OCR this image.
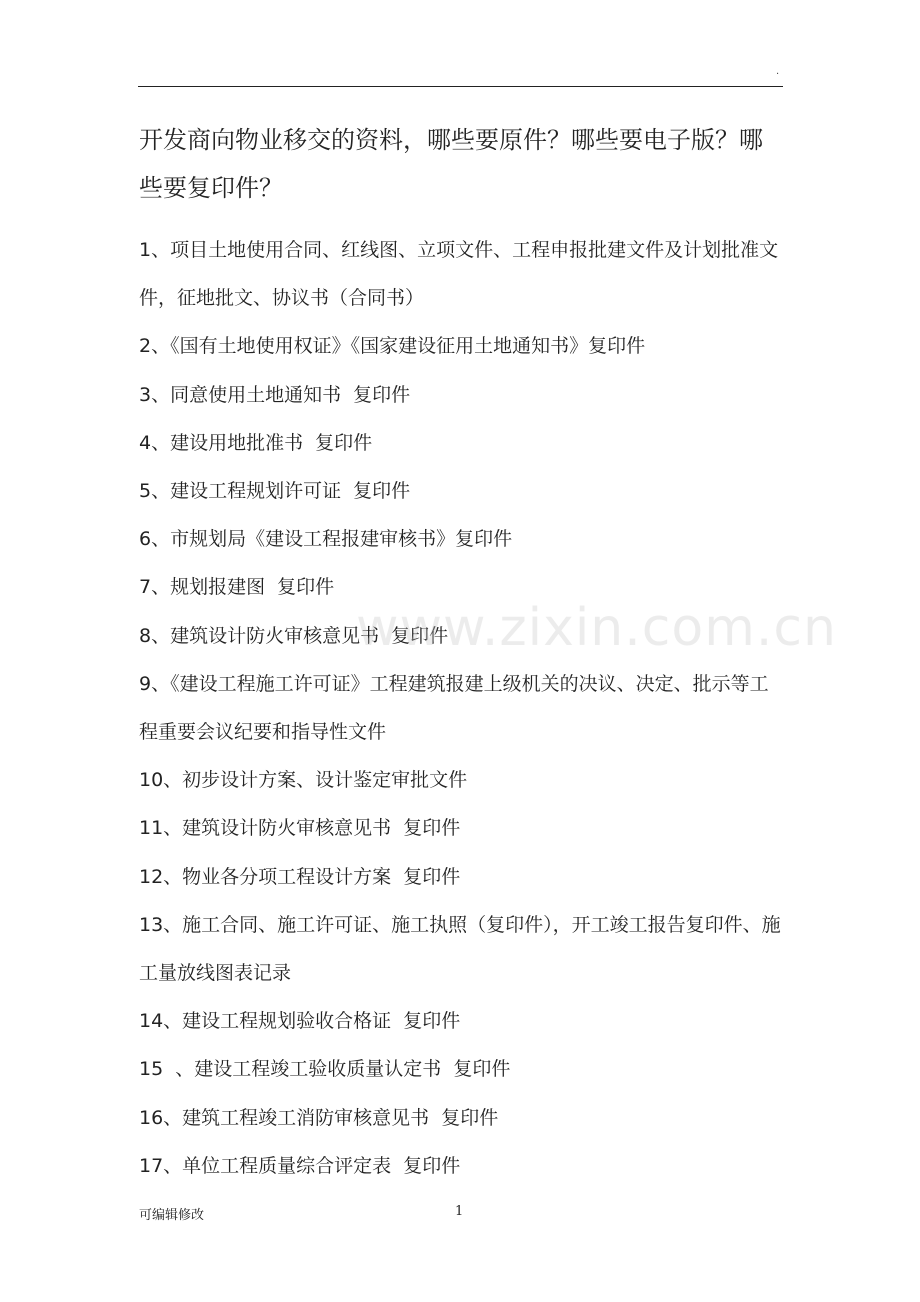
.
开发商向物业移交的资料，哪些要原件？哪些要电子版？哪些要复印件？
1、项目土地使用合同、红线图、立项文件、工程申报批建文件及计划批准文件，征地批文、协议书（合同书）
2、《国有土地使用权证》《国家建设征用土地通知书》复印件
3、同意使用土地通知书  复印件
4、建设用地批准书  复印件
5、建设工程规划许可证  复印件
6、市规划局《建设工程报建审核书》复印件
7、规划报建图  复印件
8、建筑设计防火审核意见书  复印件
9、《建设工程施工许可证》工程建筑报建上级机关的决议、决定、批示等工程重要会议纪要和指导性文件
10、初步设计方案、设计鉴定审批文件
11、建筑设计防火审核意见书  复印件
12、物业各分项工程设计方案  复印件
13、施工合同、施工许可证、施工执照（复印件），开工竣工报告复印件、施工量放线图表记录
14、建设工程规划验收合格证  复印件
15  、建设工程竣工验收质量认定书  复印件
16、建筑工程竣工消防审核意见书  复印件
17、单位工程质量综合评定表  复印件
www.zixin.com.cn
可编辑修改	1
